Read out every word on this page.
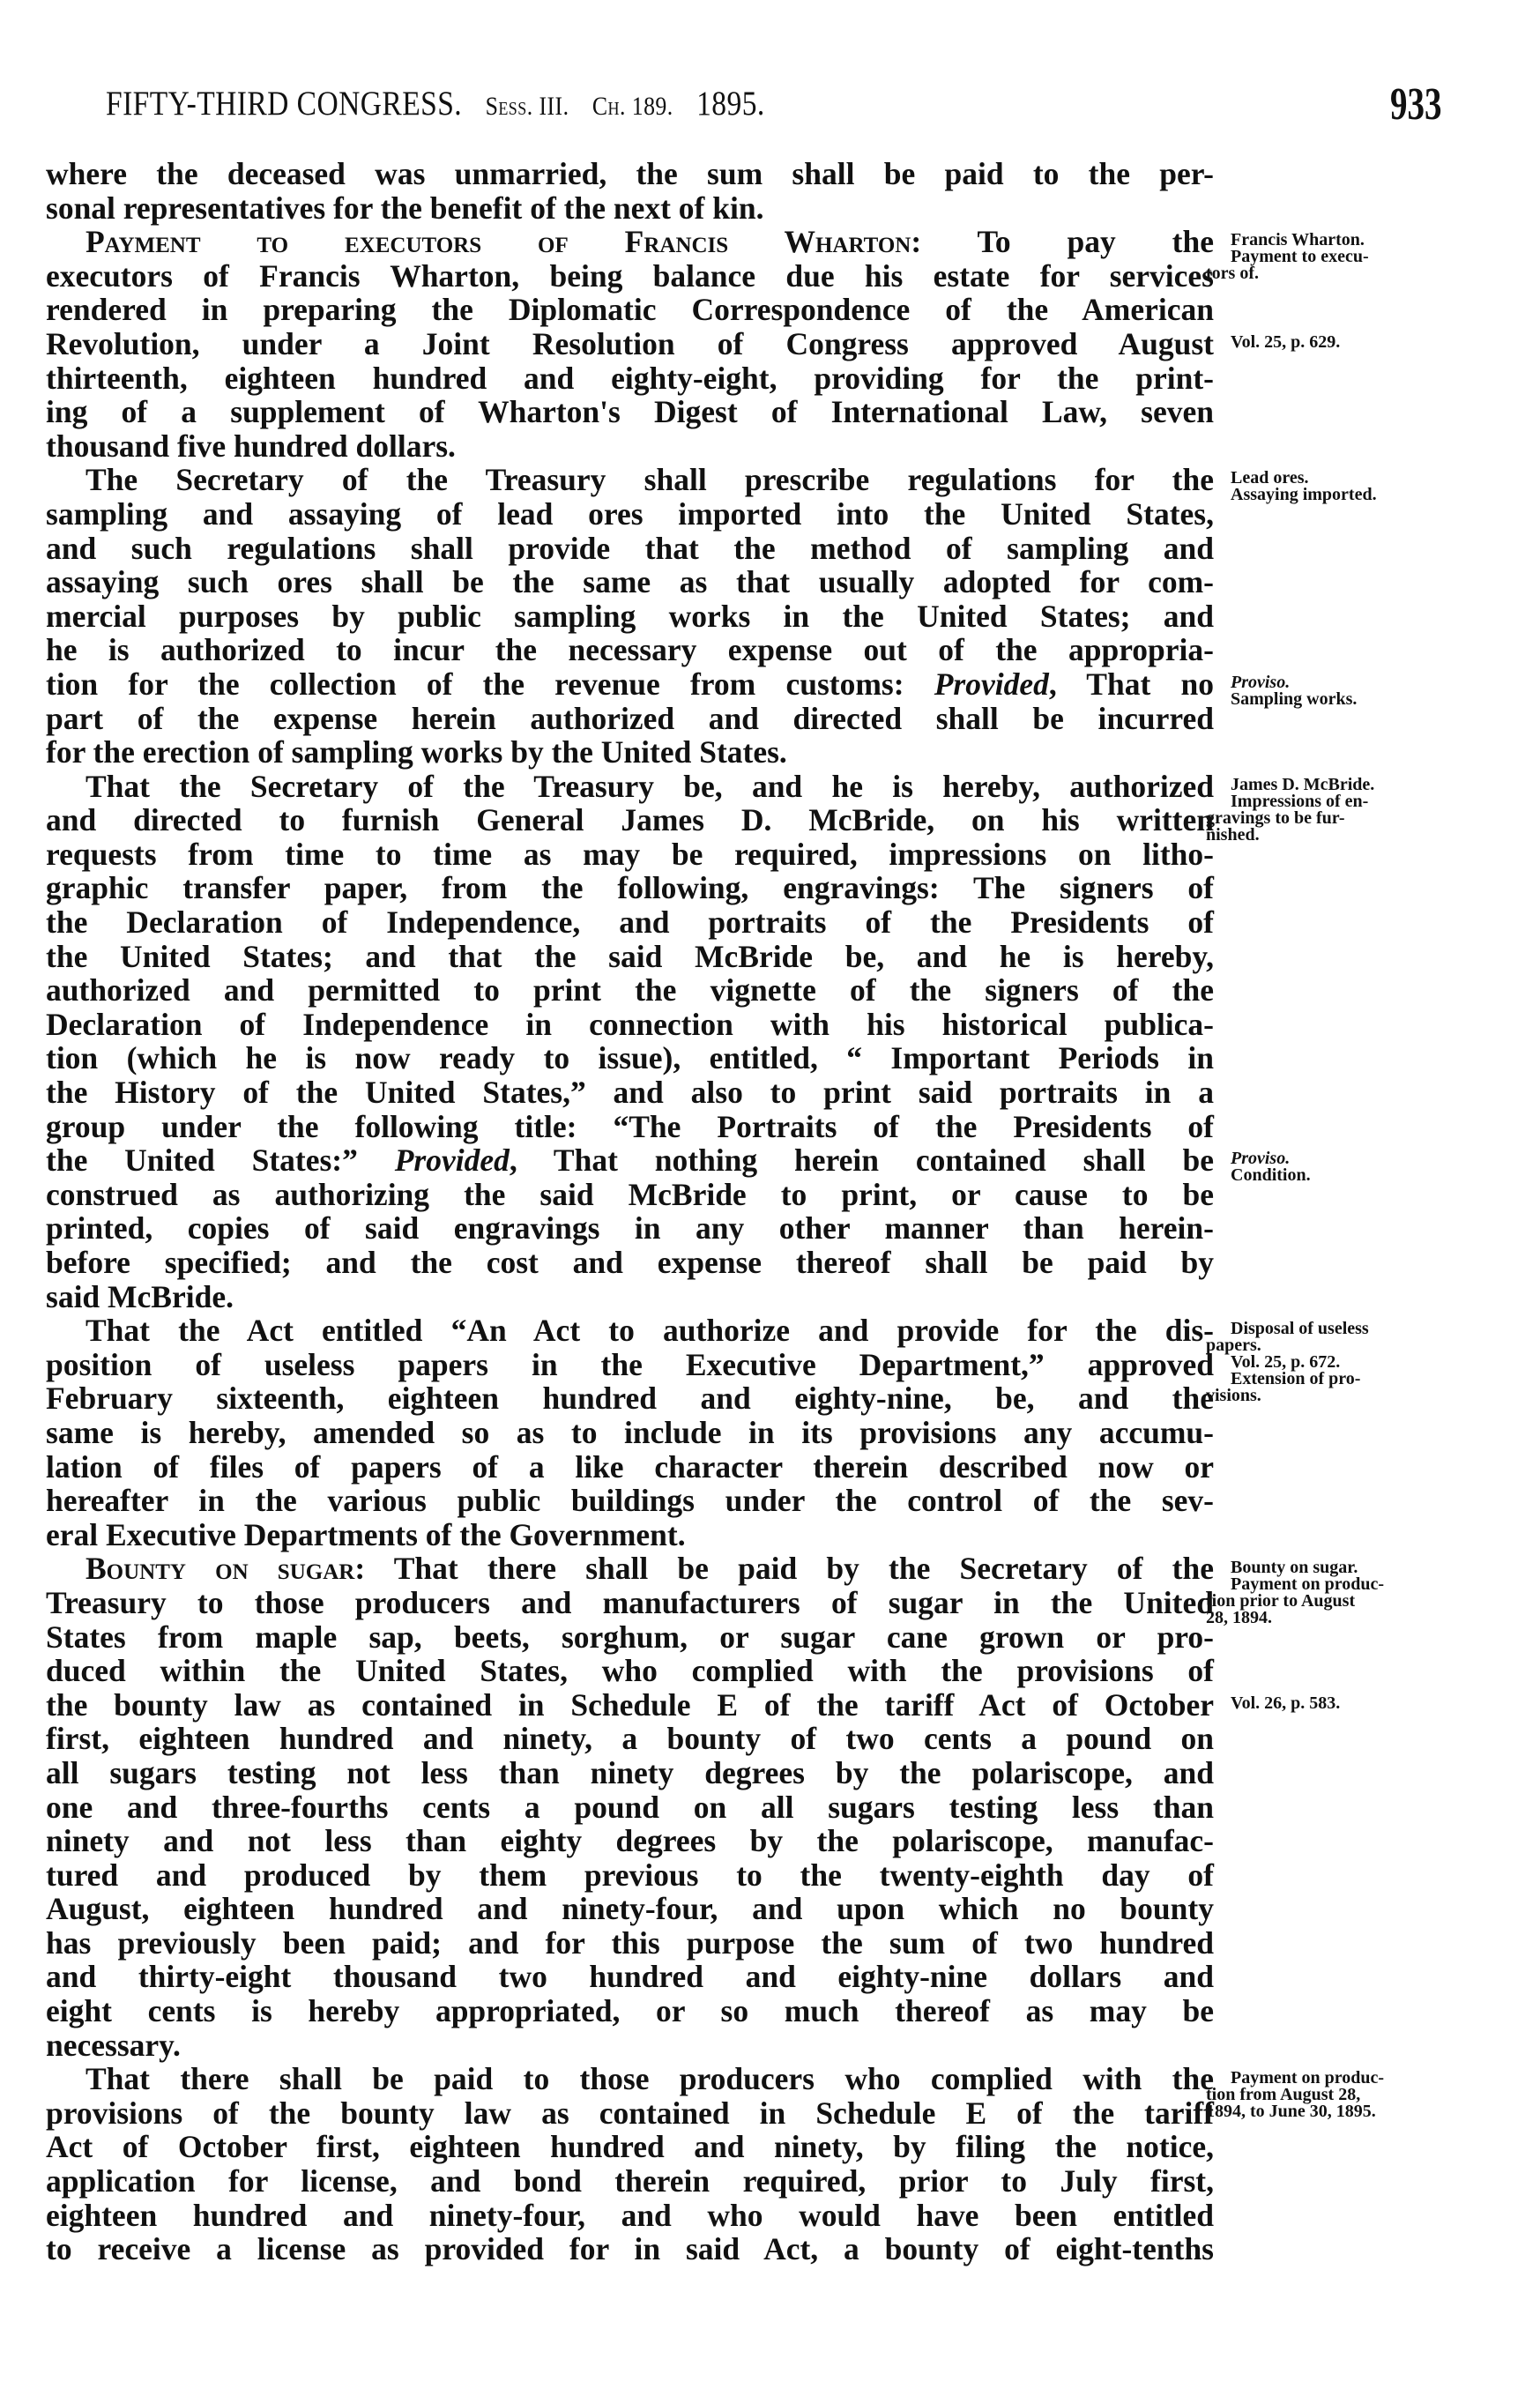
FIFTY-THIRD CONGRESS. Sess. III. Ch. 189. 1895.	933
where the deceased was unmarried, the sum shall be paid to the per-
sonal representatives for the benefit of the next of kin.
Payment to executors of Francis Wharton: To pay the
executors of Francis Wharton, being balance due his estate for services
rendered in preparing the Diplomatic Correspondence of the American
Revolution, under a Joint Resolution of Congress approved August
thirteenth, eighteen hundred and eighty-eight, providing for the print-
ing of a supplement of Wharton's Digest of International Law, seven
thousand five hundred dollars.
The Secretary of the Treasury shall prescribe regulations for the
sampling and assaying of lead ores imported into the United States,
and such regulations shall provide that the method of sampling and
assaying such ores shall be the same as that usually adopted for com-
mercial purposes by public sampling works in the United States; and
he is authorized to incur the necessary expense out of the appropria-
tion for the collection of the revenue from customs: Provided, That no
part of the expense herein authorized and directed shall be incurred
for the erection of sampling works by the United States.
That the Secretary of the Treasury be, and he is hereby, authorized
and directed to furnish General James D. McBride, on his written
requests from time to time as may be required, impressions on litho-
graphic transfer paper, from the following, engravings: The signers of
the Declaration of Independence, and portraits of the Presidents of
the United States; and that the said McBride be, and he is hereby,
authorized and permitted to print the vignette of the signers of the
Declaration of Independence in connection with his historical publica-
tion (which he is now ready to issue), entitled, “ Important Periods in
the History of the United States,” and also to print said portraits in a
group under the following title: “The Portraits of the Presidents of
the United States:” Provided, That nothing herein contained shall be
construed as authorizing the said McBride to print, or cause to be
printed, copies of said engravings in any other manner than herein-
before specified; and the cost and expense thereof shall be paid by
said McBride.
That the Act entitled “An Act to authorize and provide for the dis-
position of useless papers in the Executive Department,” approved
February sixteenth, eighteen hundred and eighty-nine, be, and the
same is hereby, amended so as to include in its provisions any accumu-
lation of files of papers of a like character therein described now or
hereafter in the various public buildings under the control of the sev-
eral Executive Departments of the Government.
Bounty on sugar: That there shall be paid by the Secretary of the
Treasury to those producers and manufacturers of sugar in the United
States from maple sap, beets, sorghum, or sugar cane grown or pro-
duced within the United States, who complied with the provisions of
the bounty law as contained in Schedule E of the tariff Act of October
first, eighteen hundred and ninety, a bounty of two cents a pound on
all sugars testing not less than ninety degrees by the polariscope, and
one and three-fourths cents a pound on all sugars testing less than
ninety and not less than eighty degrees by the polariscope, manufac-
tured and produced by them previous to the twenty-eighth day of
August, eighteen hundred and ninety-four, and upon which no bounty
has previously been paid; and for this purpose the sum of two hundred
and thirty-eight thousand two hundred and eighty-nine dollars and
eight cents is hereby appropriated, or so much thereof as may be
necessary.
That there shall be paid to those producers who complied with the
provisions of the bounty law as contained in Schedule E of the tariff
Act of October first, eighteen hundred and ninety, by filing the notice,
application for license, and bond therein required, prior to July first,
eighteen hundred and ninety-four, and who would have been entitled
to receive a license as provided for in said Act, a bounty of eight-tenths
Francis Wharton.
Payment to execu-
tors of.
Vol. 25, p. 629.
Lead ores.
Assaying imported.
Proviso.
Sampling works.
James D. McBride.
Impressions of en-
gravings to be fur-
nished.
Proviso.
Condition.
Disposal of useless
papers.
Vol. 25, p. 672.
Extension of pro-
visions.
Bounty on sugar.
Payment on produc-
tion prior to August
28, 1894.
Vol. 26, p. 583.
Payment on produc-
tion from August 28,
1894, to June 30, 1895.
